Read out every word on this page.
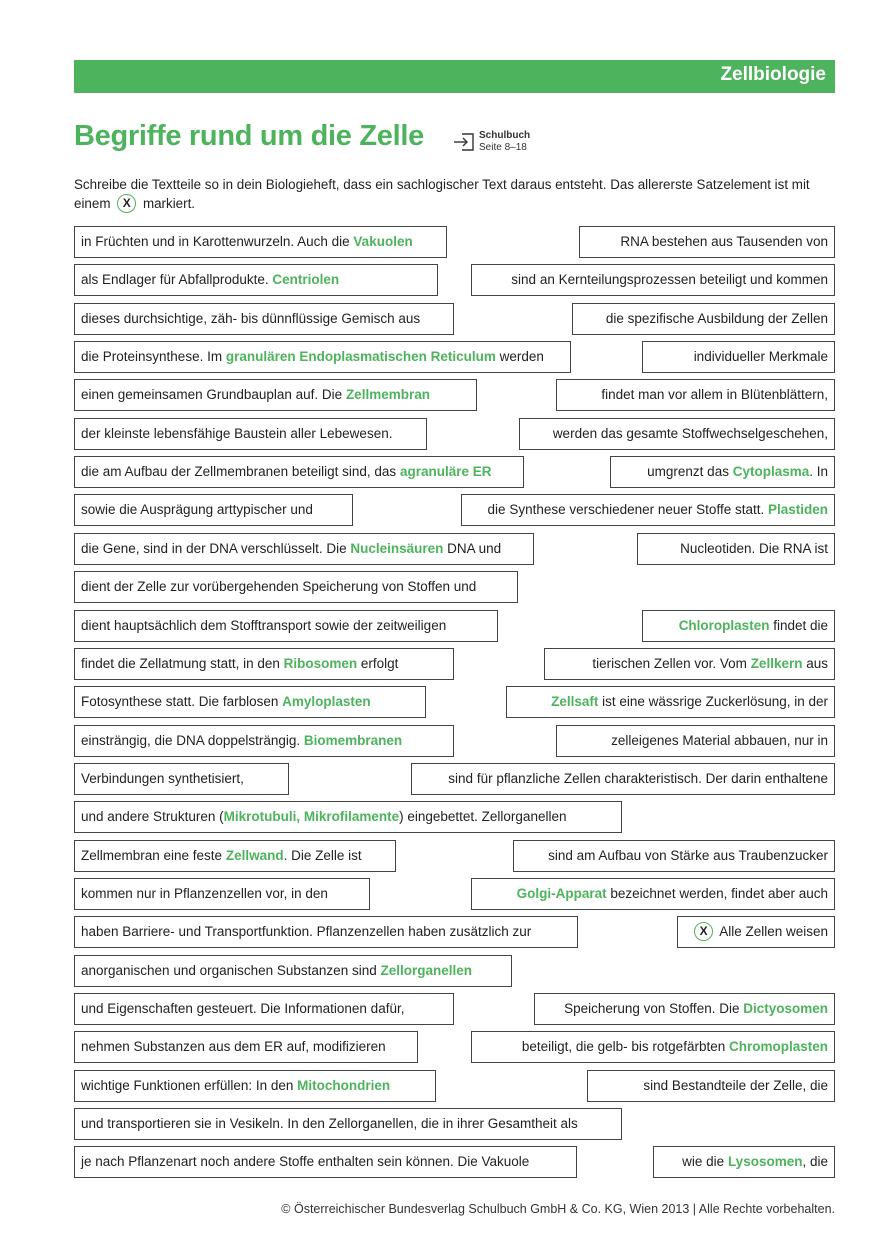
Zellbiologie
Begriffe rund um die Zelle	Schulbuch
Seite 8–18
Schreibe die Textteile so in dein Biologieheft, dass ein sachlogischer Text daraus entsteht. Das allererste Satzelement ist mit einem X markiert.
in Früchten und in Karottenwurzeln. Auch die Vakuolen	RNA bestehen aus Tausenden von
als Endlager für Abfallprodukte. Centriolen	sind an Kernteilungsprozessen beteiligt und kommen
dieses durchsichtige, zäh- bis dünnflüssige Gemisch aus	die spezifische Ausbildung der Zellen
die Proteinsynthese. Im granulären Endoplasmatischen Reticulum werden	individueller Merkmale
einen gemeinsamen Grundbauplan auf. Die Zellmembran	findet man vor allem in Blütenblättern,
der kleinste lebensfähige Baustein aller Lebewesen.	werden das gesamte Stoffwechselgeschehen,
die am Aufbau der Zellmembranen beteiligt sind, das agranuläre ER	umgrenzt das Cytoplasma. In
sowie die Ausprägung arttypischer und	die Synthese verschiedener neuer Stoffe statt. Plastiden
die Gene, sind in der DNA verschlüsselt. Die Nucleinsäuren DNA und	Nucleotiden. Die RNA ist
dient der Zelle zur vorübergehenden Speicherung von Stoffen und
dient hauptsächlich dem Stofftransport sowie der zeitweiligen	Chloroplasten findet die
findet die Zellatmung statt, in den Ribosomen erfolgt	tierischen Zellen vor. Vom Zellkern aus
Fotosynthese statt. Die farblosen Amyloplasten	Zellsaft ist eine wässrige Zuckerlösung, in der
einsträngig, die DNA doppelsträngig. Biomembranen	zelleigenes Material abbauen, nur in
Verbindungen synthetisiert,	sind für pflanzliche Zellen charakteristisch. Der darin enthaltene
und andere Strukturen (Mikrotubuli, Mikrofilamente) eingebettet. Zellorganellen
Zellmembran eine feste Zellwand. Die Zelle ist	sind am Aufbau von Stärke aus Traubenzucker
kommen nur in Pflanzenzellen vor, in den	Golgi-Apparat bezeichnet werden, findet aber auch
haben Barriere- und Transportfunktion. Pflanzenzellen haben zusätzlich zur	X Alle Zellen weisen
anorganischen und organischen Substanzen sind Zellorganellen
und Eigenschaften gesteuert. Die Informationen dafür,	Speicherung von Stoffen. Die Dictyosomen
nehmen Substanzen aus dem ER auf, modifizieren	beteiligt, die gelb- bis rotgefärbten Chromoplasten
wichtige Funktionen erfüllen: In den Mitochondrien	sind Bestandteile der Zelle, die
und transportieren sie in Vesikeln. In den Zellorganellen, die in ihrer Gesamtheit als
je nach Pflanzenart noch andere Stoffe enthalten sein können. Die Vakuole	wie die Lysosomen, die
© Österreichischer Bundesverlag Schulbuch GmbH & Co. KG, Wien 2013 | Alle Rechte vorbehalten.
